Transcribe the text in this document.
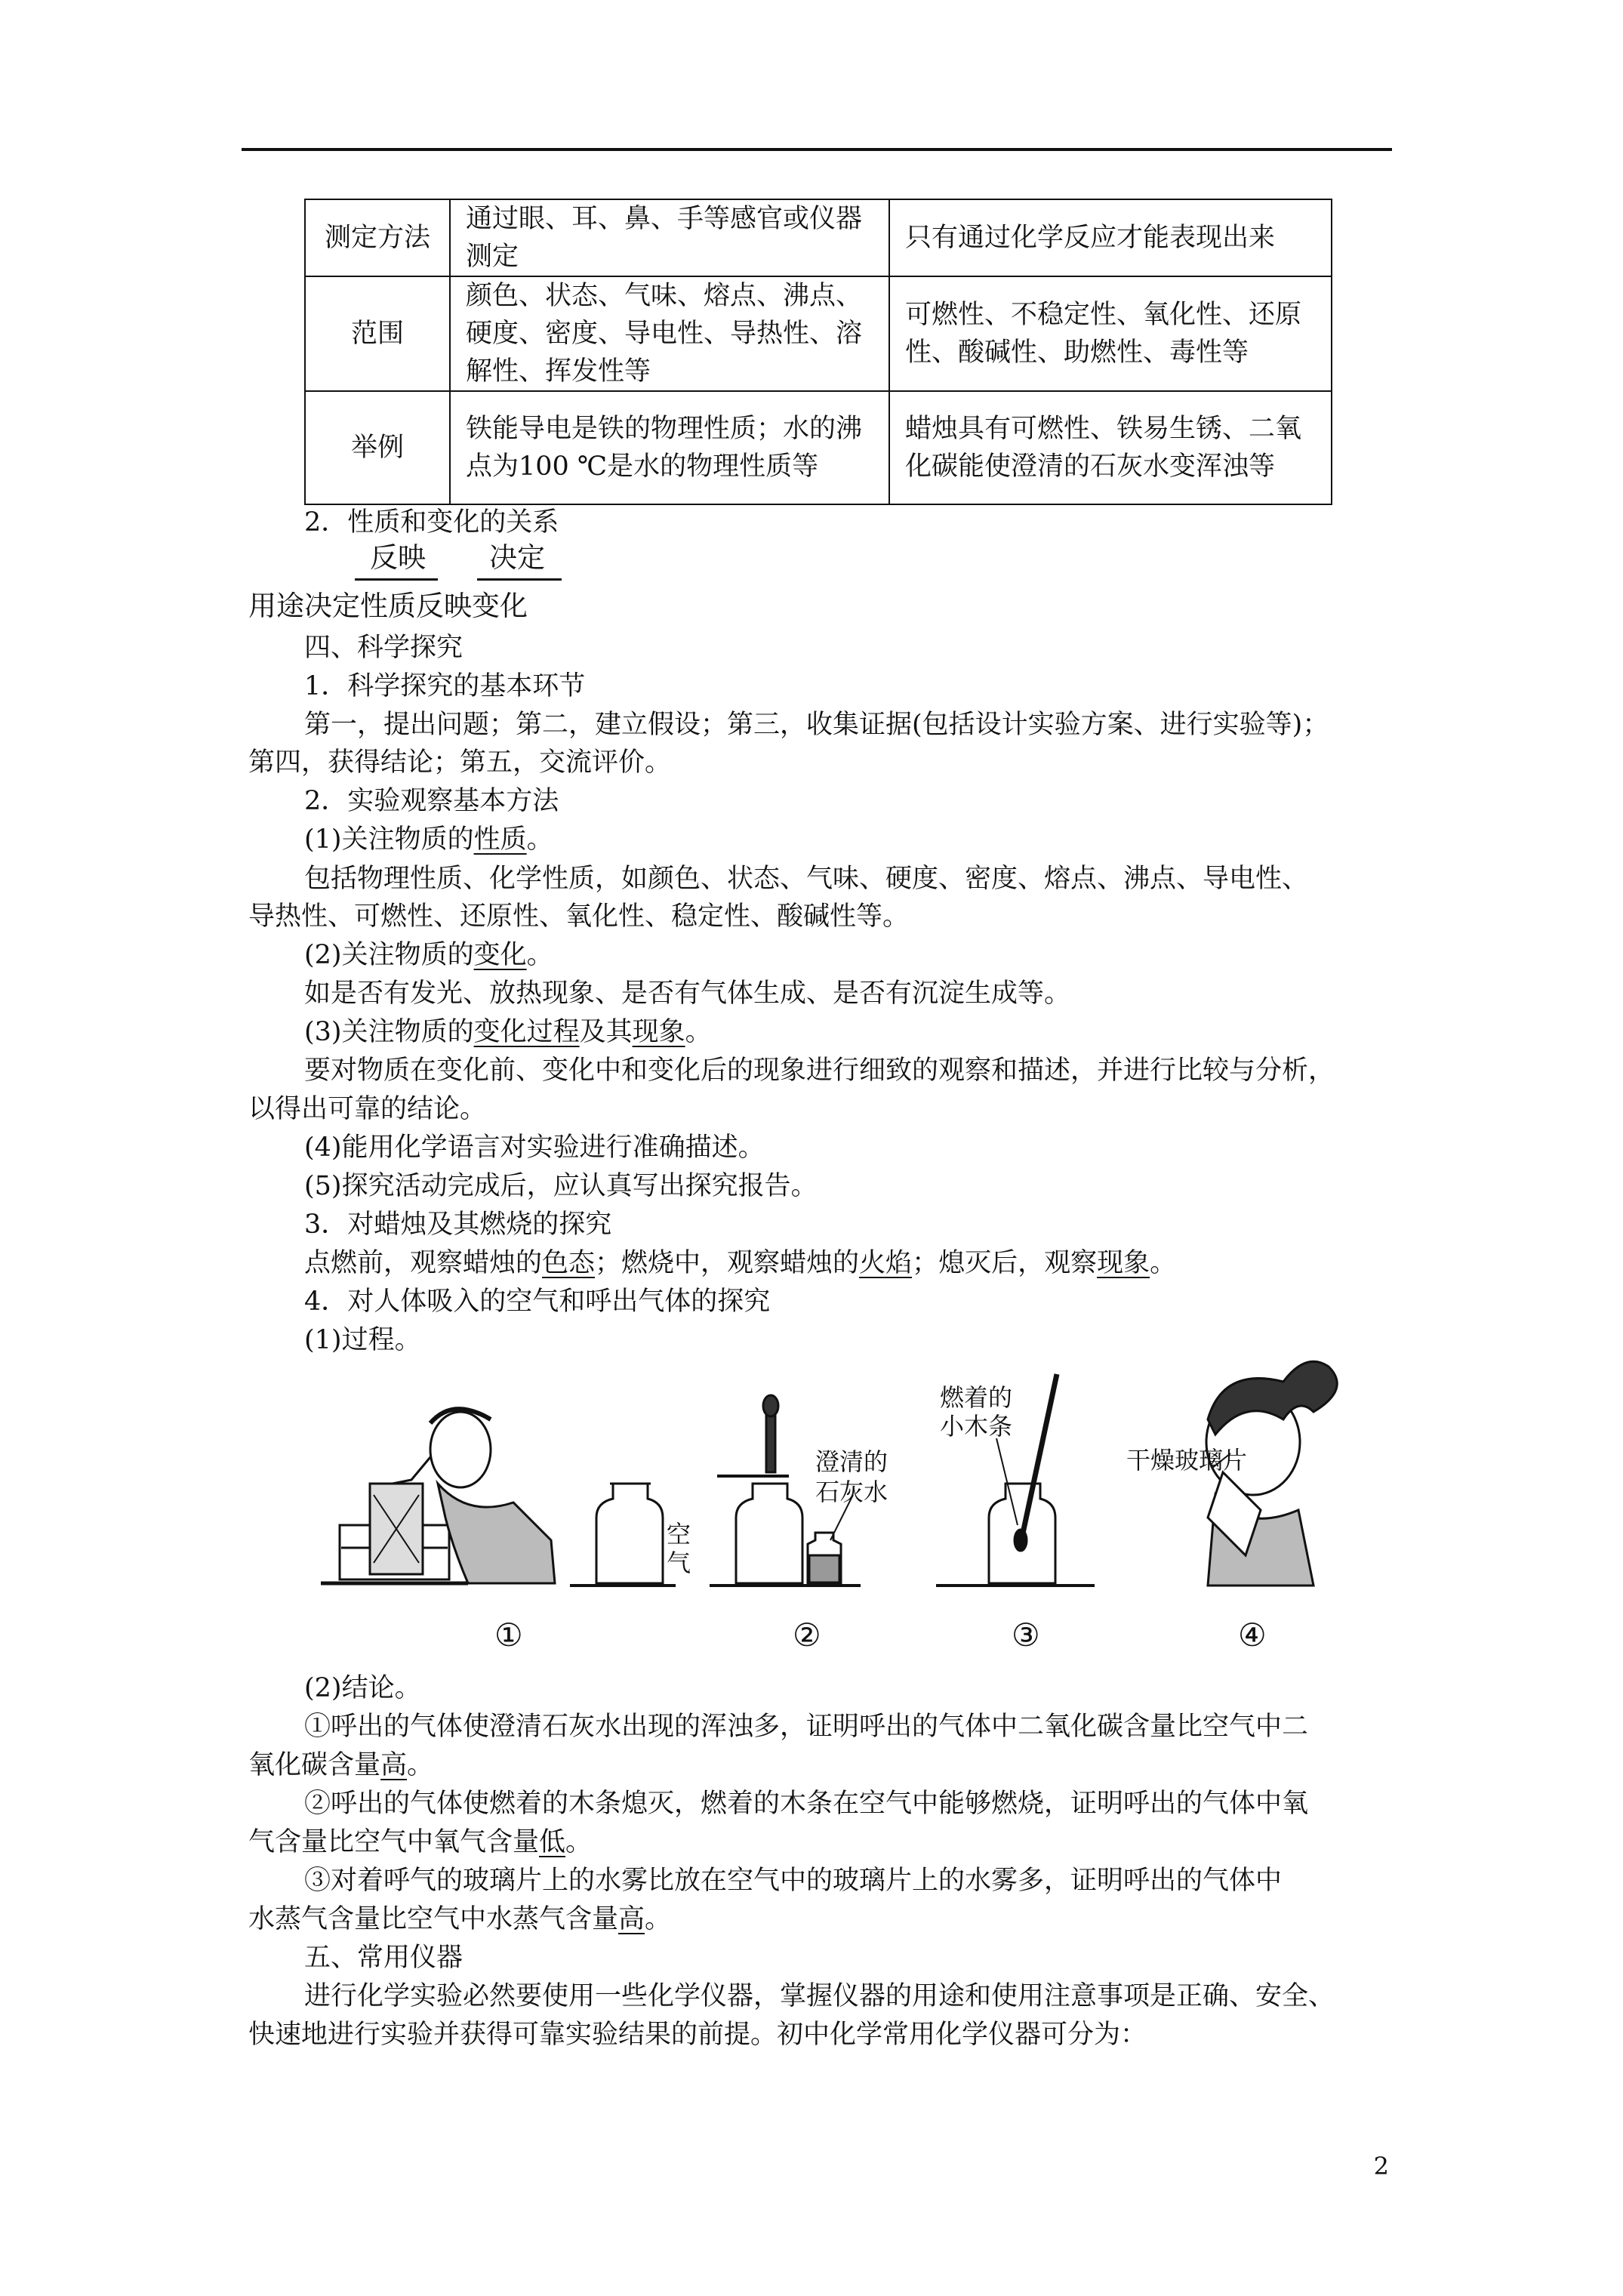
测定方法	通过眼、耳、鼻、手等感官或仪器测定	只有通过化学反应才能表现出来
范围	颜色、状态、气味、熔点、沸点、硬度、密度、导电性、导热性、溶解性、挥发性等	可燃性、不稳定性、氧化性、还原性、酸碱性、助燃性、毒性等
举例	铁能导电是铁的物理性质；水的沸点为100 ℃是水的物理性质等	蜡烛具有可燃性、铁易生锈、二氧化碳能使澄清的石灰水变浑浊等
2．性质和变化的关系
反映 决定
用途决定性质反映变化
四、科学探究
1．科学探究的基本环节
第一，提出问题；第二，建立假设；第三，收集证据(包括设计实验方案、进行实验等)；
第四，获得结论；第五，交流评价。
2．实验观察基本方法
(1)关注物质的性质。
包括物理性质、化学性质，如颜色、状态、气味、硬度、密度、熔点、沸点、导电性、
导热性、可燃性、还原性、氧化性、稳定性、酸碱性等。
(2)关注物质的变化。
如是否有发光、放热现象、是否有气体生成、是否有沉淀生成等。
(3)关注物质的变化过程及其现象。
要对物质在变化前、变化中和变化后的现象进行细致的观察和描述，并进行比较与分析，
以得出可靠的结论。
(4)能用化学语言对实验进行准确描述。
(5)探究活动完成后，应认真写出探究报告。
3．对蜡烛及其燃烧的探究
点燃前，观察蜡烛的色态；燃烧中，观察蜡烛的火焰；熄灭后，观察现象。
4．对人体吸入的空气和呼出气体的探究
(1)过程。
空
气
澄清的
石灰水
燃着的
小木条
干燥玻璃片
①	②	③	④
(2)结论。
①呼出的气体使澄清石灰水出现的浑浊多，证明呼出的气体中二氧化碳含量比空气中二
氧化碳含量高。
②呼出的气体使燃着的木条熄灭，燃着的木条在空气中能够燃烧，证明呼出的气体中氧
气含量比空气中氧气含量低。
③对着呼气的玻璃片上的水雾比放在空气中的玻璃片上的水雾多，证明呼出的气体中
水蒸气含量比空气中水蒸气含量高。
五、常用仪器
进行化学实验必然要使用一些化学仪器，掌握仪器的用途和使用注意事项是正确、安全、
快速地进行实验并获得可靠实验结果的前提。初中化学常用化学仪器可分为：
2
